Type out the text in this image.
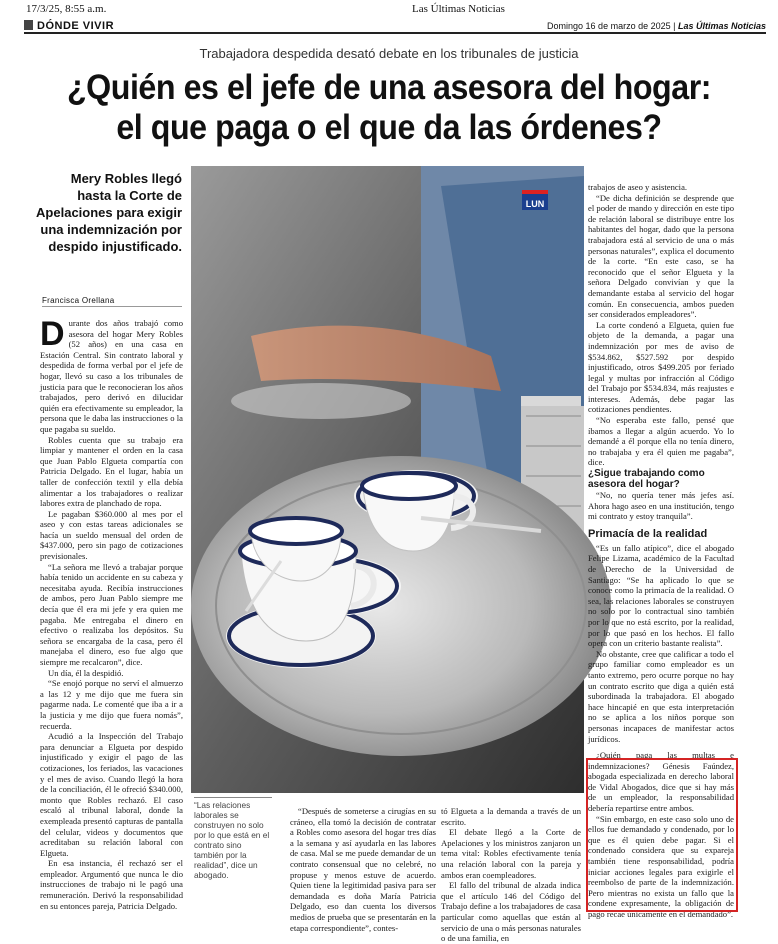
17/3/25, 8:55 a.m.	Las Últimas Noticias
DÓNDE VIVIR	Domingo 16 de marzo de 2025 | Las Últimas Noticias
Trabajadora despedida desató debate en los tribunales de justicia
¿Quién es el jefe de una asesora del hogar:
el que paga o el que da las órdenes?
Mery Robles llegó hasta la Corte de Apelaciones para exigir una indemnización por despido injustificado.
Francisca Orellana
D urante dos años trabajó como asesora del hogar Mery Robles (52 años) en una casa en Estación Central. Sin contrato laboral y despedida de forma verbal por el jefe de hogar, llevó su caso a los tribunales de justicia para que le reconocieran los años trabajados, pero derivó en dilucidar quién era efectivamente su empleador, la persona que le daba las instrucciones o la que pagaba su sueldo.

Robles cuenta que su trabajo era limpiar y mantener el orden en la casa que Juan Pablo Elgueta compartía con Patricia Delgado. En el lugar, había un taller de confección textil y ella debía alimentar a los trabajadores o realizar labores extra de planchado de ropa.

Le pagaban $360.000 al mes por el aseo y con estas tareas adicionales se hacía un sueldo mensual del orden de $437.000, pero sin pago de cotizaciones previsionales.

“La señora me llevó a trabajar porque había tenido un accidente en su cabeza y necesitaba ayuda. Recibía instrucciones de ambos, pero Juan Pablo siempre me decía que él era mi jefe y era quien me pagaba. Me entregaba el dinero en efectivo o realizaba los depósitos. Su señora se encargaba de la casa, pero él manejaba el dinero, eso fue algo que siempre me recalcaron”, dice.

Un día, él la despidió.

“Se enojó porque no serví el almuerzo a las 12 y me dijo que me fuera sin pagarme nada. Le comenté que iba a ir a la justicia y me dijo que fuera nomás”, recuerda.

Acudió a la Inspección del Trabajo para denunciar a Elgueta por despido injustificado y exigir el pago de las cotizaciones, los feriados, las vacaciones y el mes de aviso. Cuando llegó la hora de la conciliación, él le ofreció $340.000, monto que Robles rechazó. El caso escaló al tribunal laboral, donde la exempleada presentó capturas de pantalla del celular, videos y documentos que acreditaban su relación laboral con Elgueta.

En esa instancia, él rechazó ser el empleador. Argumentó que nunca le dio instrucciones de trabajo ni le pagó una remuneración. Derivó la responsabilidad en su entonces pareja, Patricia Delgado.

LUN
“Las relaciones laborales se construyen no solo por lo que está en el contrato sino también por la realidad”, dice un abogado.

“Después de someterse a cirugías en su cráneo, ella tomó la decisión de contratar a Robles como asesora del hogar tres días a la semana y así ayudarla en las labores de casa. Mal se me puede demandar de un contrato consensual que no celebré, no propuse y menos estuve de acuerdo. Quien tiene la legitimidad pasiva para ser demandada es doña María Patricia Delgado, eso dan cuenta los diversos medios de prueba que se presentarán en la etapa correspondiente”, contes-

tó Elgueta a la demanda a través de un escrito.

El debate llegó a la Corte de Apelaciones y los ministros zanjaron un tema vital: Robles efectivamente tenía una relación laboral con la pareja y ambos eran coempleadores.

El fallo del tribunal de alzada indica que el artículo 146 del Código del Trabajo define a los trabajadores de casa particular como aquellas que están al servicio de una o más personas naturales o de una familia, en

trabajos de aseo y asistencia.

“De dicha definición se desprende que el poder de mando y dirección en este tipo de relación laboral se distribuye entre los habitantes del hogar, dado que la persona trabajadora está al servicio de una o más personas naturales”, explica el documento de la corte. “En este caso, se ha reconocido que el señor Elgueta y la señora Delgado convivían y que la demandante estaba al servicio del hogar común. En consecuencia, ambos pueden ser considerados empleadores”.

La corte condenó a Elgueta, quien fue objeto de la demanda, a pagar una indemnización por mes de aviso de $534.862, $527.592 por despido injustificado, otros $499.205 por feriado legal y multas por infracción al Código del Trabajo por $534.834, más reajustes e intereses. Además, debe pagar las cotizaciones pendientes.

“No esperaba este fallo, pensé que íbamos a llegar a algún acuerdo. Yo lo demandé a él porque ella no tenía dinero, no trabajaba y era él quien me pagaba”, dice.

¿Sigue trabajando como asesora del hogar?

“No, no quería tener más jefes así. Ahora hago aseo en una institución, tengo mi contrato y estoy tranquila”.

Primacía de la realidad

“Es un fallo atípico”, dice el abogado Felipe Lizama, académico de la Facultad de Derecho de la Universidad de Santiago: “Se ha aplicado lo que se conoce como la primacía de la realidad. O sea, las relaciones laborales se construyen no solo por lo contractual sino también por lo que no está escrito, por la realidad, por lo que pasó en los hechos. El fallo opera con un criterio bastante realista”.

No obstante, cree que calificar a todo el grupo familiar como empleador es un tanto extremo, pero ocurre porque no hay un contrato escrito que diga a quién está subordinada la trabajadora. El abogado hace hincapié en que esta interpretación no se aplica a los niños porque son personas incapaces de manifestar actos jurídicos.

¿Quién paga las multas e indemnizaciones? Génesis Faúndez, abogada especializada en derecho laboral de Vidal Abogados, dice que si hay más de un empleador, la responsabilidad debería repartirse entre ambos.

“Sin embargo, en este caso solo uno de ellos fue demandado y condenado, por lo que es él quien debe pagar. Si el condenado considera que su expareja también tiene responsabilidad, podría iniciar acciones legales para exigirle el reembolso de parte de la indemnización. Pero mientras no exista un fallo que la condene expresamente, la obligación de pago recae únicamente en el demandado”.
